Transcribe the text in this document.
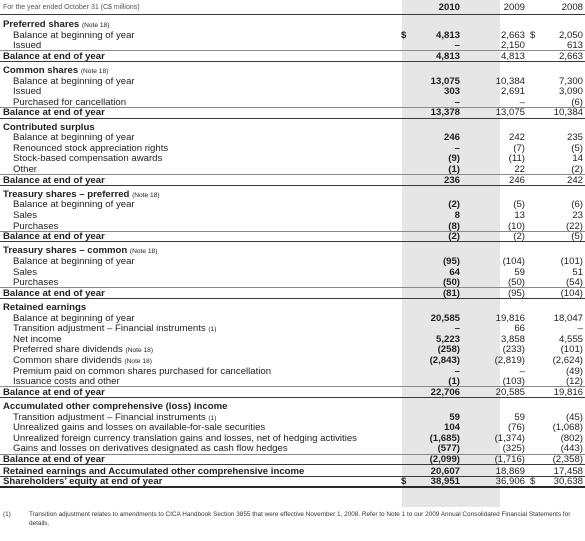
For the year ended October 31 (C$ millions)	2010	2009	2008
Preferred shares (Note 18)
Balance at beginning of year	4,813	2,663	2,050
$	$
Issued	–	2,150	613
Balance at end of year	4,813	4,813	2,663
Common shares (Note 18)
Balance at beginning of year	13,075	10,384	7,300
Issued	303	2,691	3,090
Purchased for cancellation	–	–	(6)
Balance at end of year	13,378	13,075	10,384
Contributed surplus
Balance at beginning of year	246	242	235
Renounced stock appreciation rights	–	(7)	(5)
Stock-based compensation awards	(9)	(11)	14
Other	(1)	22	(2)
Balance at end of year	236	246	242
Treasury shares – preferred (Note 18)
Balance at beginning of year	(2)	(5)	(6)
Sales	8	13	23
Purchases	(8)	(10)	(22)
Balance at end of year	(2)	(2)	(5)
Treasury shares – common (Note 18)
Balance at beginning of year	(95)	(104)	(101)
Sales	64	59	51
Purchases	(50)	(50)	(54)
Balance at end of year	(81)	(95)	(104)
Retained earnings
Balance at beginning of year	20,585	19,816	18,047
Transition adjustment – Financial instruments (1)	–	66	–
Net income	5,223	3,858	4,555
Preferred share dividends (Note 18)	(258)	(233)	(101)
Common share dividends (Note 18)	(2,843)	(2,819)	(2,624)
Premium paid on common shares purchased for cancellation	–	–	(49)
Issuance costs and other	(1)	(103)	(12)
Balance at end of year	22,706	20,585	19,816
Accumulated other comprehensive (loss) income
Transition adjustment – Financial instruments (1)	59	59	(45)
Unrealized gains and losses on available-for-sale securities	104	(76)	(1,068)
Unrealized foreign currency translation gains and losses, net of hedging activities	(1,685)	(1,374)	(802)
Gains and losses on derivatives designated as cash flow hedges	(577)	(325)	(443)
Balance at end of year	(2,099)	(1,716)	(2,358)
Retained earnings and Accumulated other comprehensive income	20,607	18,869	17,458
Shareholders’ equity at end of year	38,951	36,906	30,638
$	$
(1)	Transition adjustment relates to amendments to CICA Handbook Section 3855 that were effective November 1, 2008. Refer to Note 1 to our 2009 Annual Consolidated Financial Statements for details.
